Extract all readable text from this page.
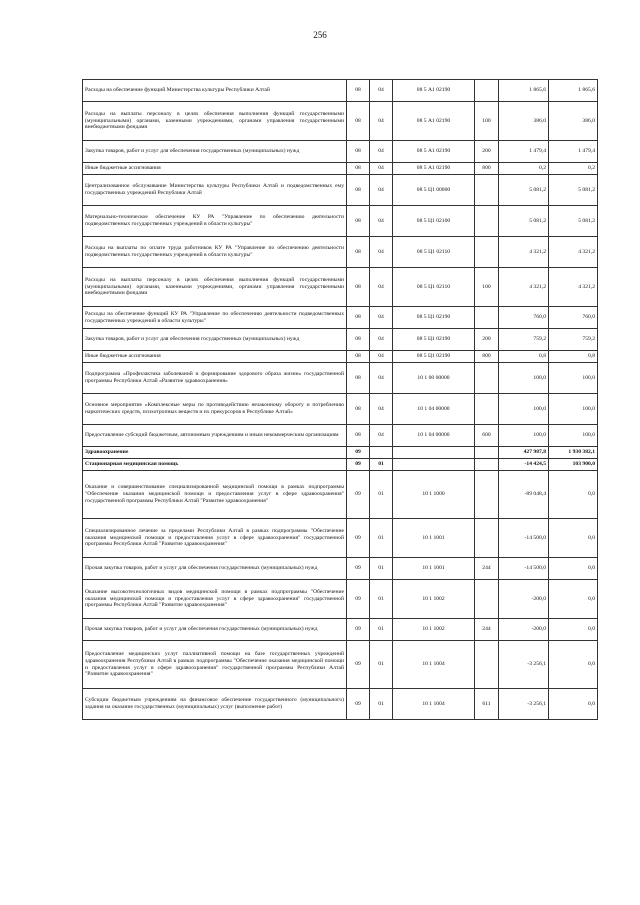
256
Расходы на обеспечение функций Министерства культуры Республики Алтай	08	04	08 5 А1 02190		1 865,6	1 865,6
Расходы на выплаты персоналу в целях обеспечения выполнения функций государственными (муниципальными) органами, казенными учреждениями, органами управления государственными внебюджетными фондами	08	04	08 5 А1 02190	100	386,0	386,0
Закупка товаров, работ и услуг для обеспечения государственных (муниципальных) нужд	08	04	08 5 А1 02190	200	1 479,4	1 479,4
Иные бюджетные ассигнования	08	04	08 5 А1 02190	800	0,2	0,2
Централизованное обслуживание Министерства культуры Республики Алтай и подведомственных ему государственных учреждений Республики Алтай	08	04	08 5 Ц1 00000		5 081,2	5 081,2
Материально-техническое обеспечение КУ РА "Управление по обеспечению деятельности подведомственных государственных учреждений в области культуры"	08	04	08 5 Ц1 02100		5 081,2	5 081,2
Расходы на выплаты по оплате труда работников КУ РА "Управление по обеспечению деятельности подведомственных государственных учреждений в области культуры"	08	04	08 5 Ц1 02110		4 321,2	4 321,2
Расходы на выплаты персоналу в целях обеспечения выполнения функций государственными (муниципальными) органами, казенными учреждениями, органами управления государственными внебюджетными фондами	08	04	08 5 Ц1 02110	100	4 321,2	4 321,2
Расходы на обеспечение функций КУ РА "Управление по обеспечению деятельности подведомственных государственных учреждений в области культуры"	08	04	08 5 Ц1 02190		760,0	760,0
Закупка товаров, работ и услуг для обеспечения государственных (муниципальных) нужд	08	04	08 5 Ц1 02190	200	759,2	759,2
Иные бюджетные ассигнования	08	04	08 5 Ц1 02190	800	0,8	0,8
Подпрограмма «Профилактика заболеваний и формирование здорового образа жизни» государственной программы Республики Алтай «Развитие здравоохранения»	08	04	10 1 00 00000		100,0	100,0
Основное мероприятие «Комплексные меры по противодействию незаконному обороту и потреблению наркотических средств, психотропных веществ и их прекурсоров в Республике Алтай»	08	04	10 1 04 00000		100,0	100,0
Предоставление субсидий бюджетным, автономным учреждениям и иным некоммерческим организациям	08	04	10 1 04 00000	600	100,0	100,0
Здравоохранение	09				427 987,8	1 930 382,1
Стационарная медицинская помощь	09	01			-14 424,5	103 900,0
Оказание и совершенствование специализированной медицинской помощи в рамках подпрограммы "Обеспечение оказания медицинской помощи и предоставления услуг в сфере здравоохранения" государственной программы Республики Алтай "Развитие здравоохранения"	09	01	10 1 1000		-89 048,4	0,0
Специализированное лечение за пределами Республики Алтай в рамках подпрограммы "Обеспечение оказания медицинской помощи и предоставления услуг в сфере здравоохранения" государственной программы Республики Алтай "Развитие здравоохранения"	09	01	10 1 1001		-14 500,0	0,0
Прочая закупка товаров, работ и услуг для обеспечения государственных (муниципальных) нужд	09	01	10 1 1001	244	-14 500,0	0,0
Оказание высокотехнологичных видов медицинской помощи в рамках подпрограммы "Обеспечение оказания медицинской помощи и предоставления услуг в сфере здравоохранения" государственной программы Республики Алтай "Развитие здравоохранения"	09	01	10 1 1002		-200,0	0,0
Прочая закупка товаров, работ и услуг для обеспечения государственных (муниципальных) нужд	09	01	10 1 1002	244	-200,0	0,0
Предоставление медицинских услуг паллиативной помощи на базе государственных учреждений здравоохранения Республики Алтай в рамках подпрограммы "Обеспечение оказания медицинской помощи и предоставления услуг в сфере здравоохранения" государственной программы Республики Алтай "Развитие здравоохранения"	09	01	10 1 1004		-3 256,1	0,0
Субсидии бюджетным учреждениям на финансовое обеспечение государственного (муниципального) задания на оказание государственных (муниципальных) услуг (выполнение работ)	09	01	10 1 1004	611	-3 256,1	0,0
